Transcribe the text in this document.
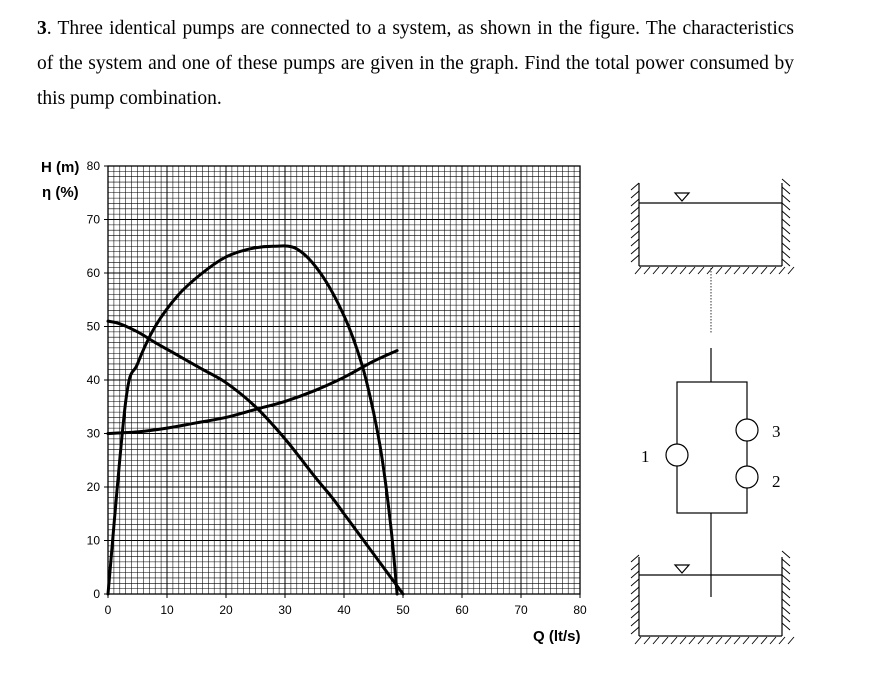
3. Three identical pumps are connected to a system, as shown in the figure. The characteristics of the system and one of these pumps are given in the graph. Find the total power consumed by this pump combination.
0	10	20	30	40	50	60	70	80
0
10
20
30
40
50
60
70
80
H (m)
η (%)
Q (lt/s)
1
3
2
